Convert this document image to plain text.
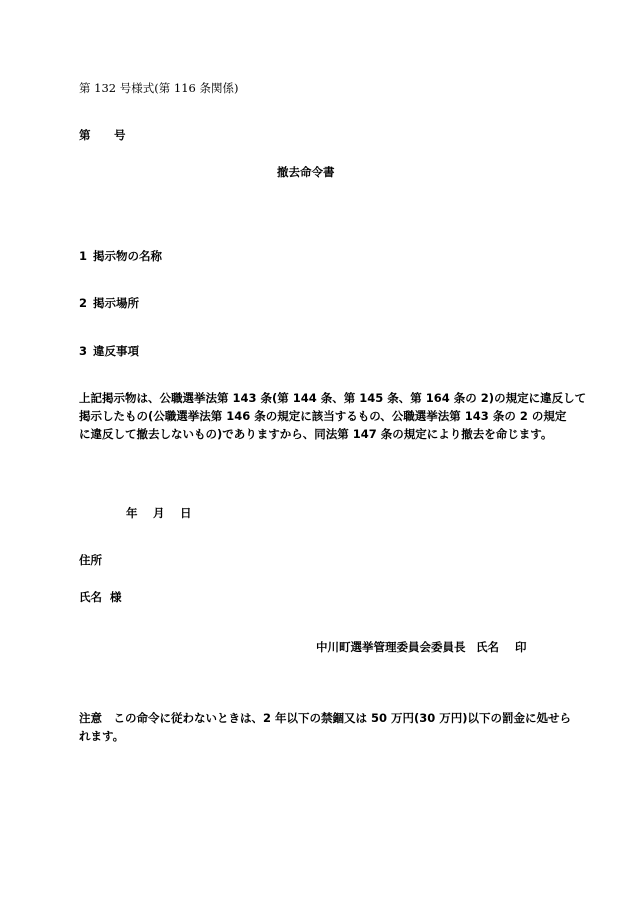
第 132 号様式(第 116 条関係)

第 号

撤去命令書

1 掲示物の名称

2 掲示場所

3 違反事項

上記掲示物は、公職選挙法第 143 条(第 144 条、第 145 条、第 164 条の 2)の規定に違反して
掲示したもの(公職選挙法第 146 条の規定に該当するもの、公職選挙法第 143 条の 2 の規定
に違反して撤去しないもの)でありますから、同法第 147 条の規定により撤去を命じます。

年 月 日

住所

氏名 様

中川町選挙管理委員会委員長 氏名 印

注意　この命令に従わないときは、2 年以下の禁錮又は 50 万円(30 万円)以下の罰金に処せら
れます。
